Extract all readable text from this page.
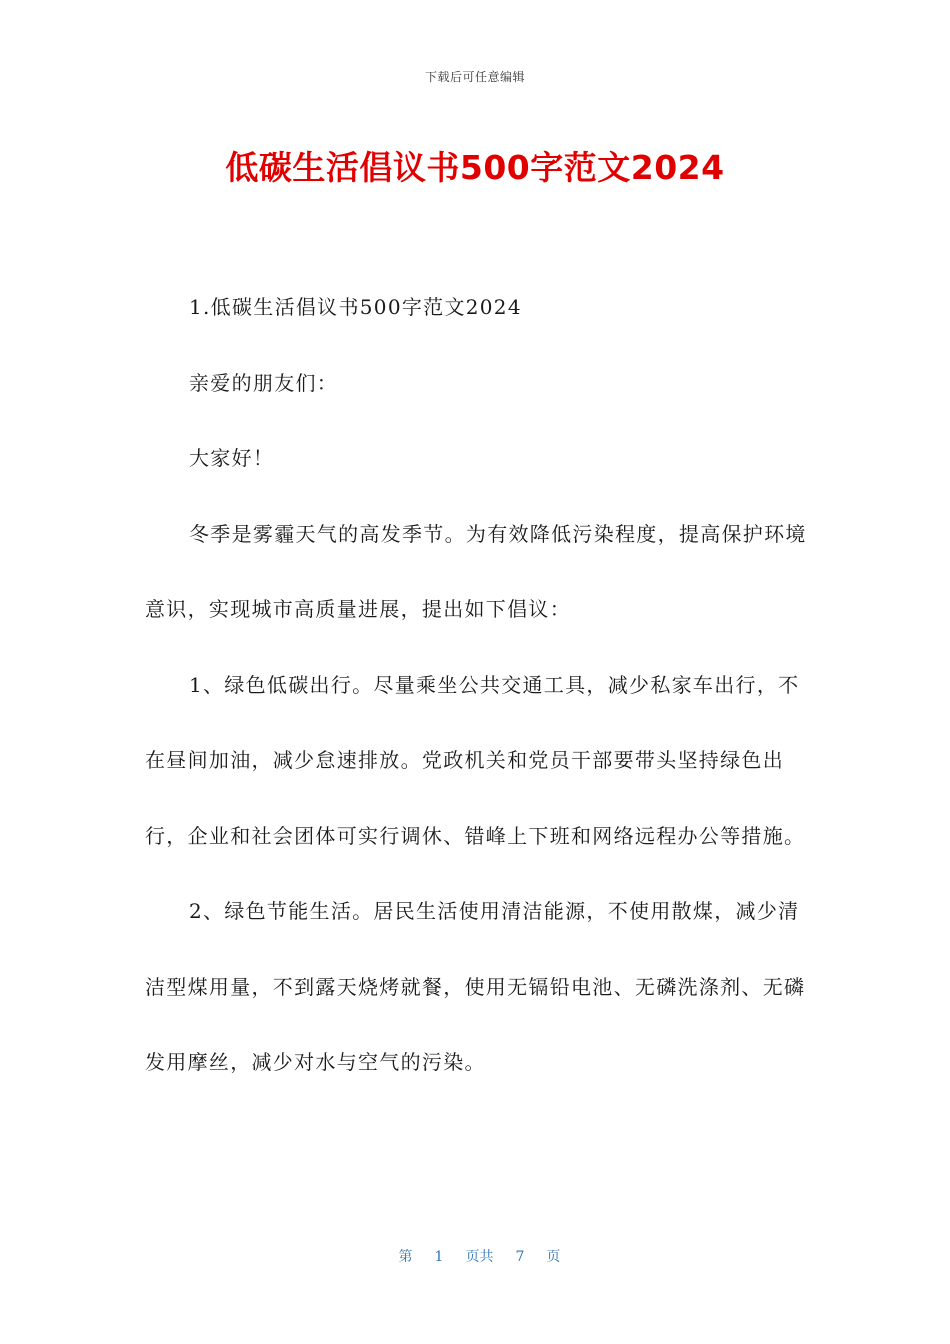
下载后可任意编辑
低碳生活倡议书500字范文2024

1.低碳生活倡议书500字范文2024

亲爱的朋友们：

大家好！

冬季是雾霾天气的高发季节。为有效降低污染程度，提高保护环境意识，实现城市高质量进展，提出如下倡议：

1、绿色低碳出行。尽量乘坐公共交通工具，减少私家车出行，不在昼间加油，减少怠速排放。党政机关和党员干部要带头坚持绿色出行，企业和社会团体可实行调休、错峰上下班和网络远程办公等措施。

2、绿色节能生活。居民生活使用清洁能源，不使用散煤，减少清洁型煤用量，不到露天烧烤就餐，使用无镉铅电池、无磷洗涤剂、无磷发用摩丝，减少对水与空气的污染。

第 1 页共 7 页
